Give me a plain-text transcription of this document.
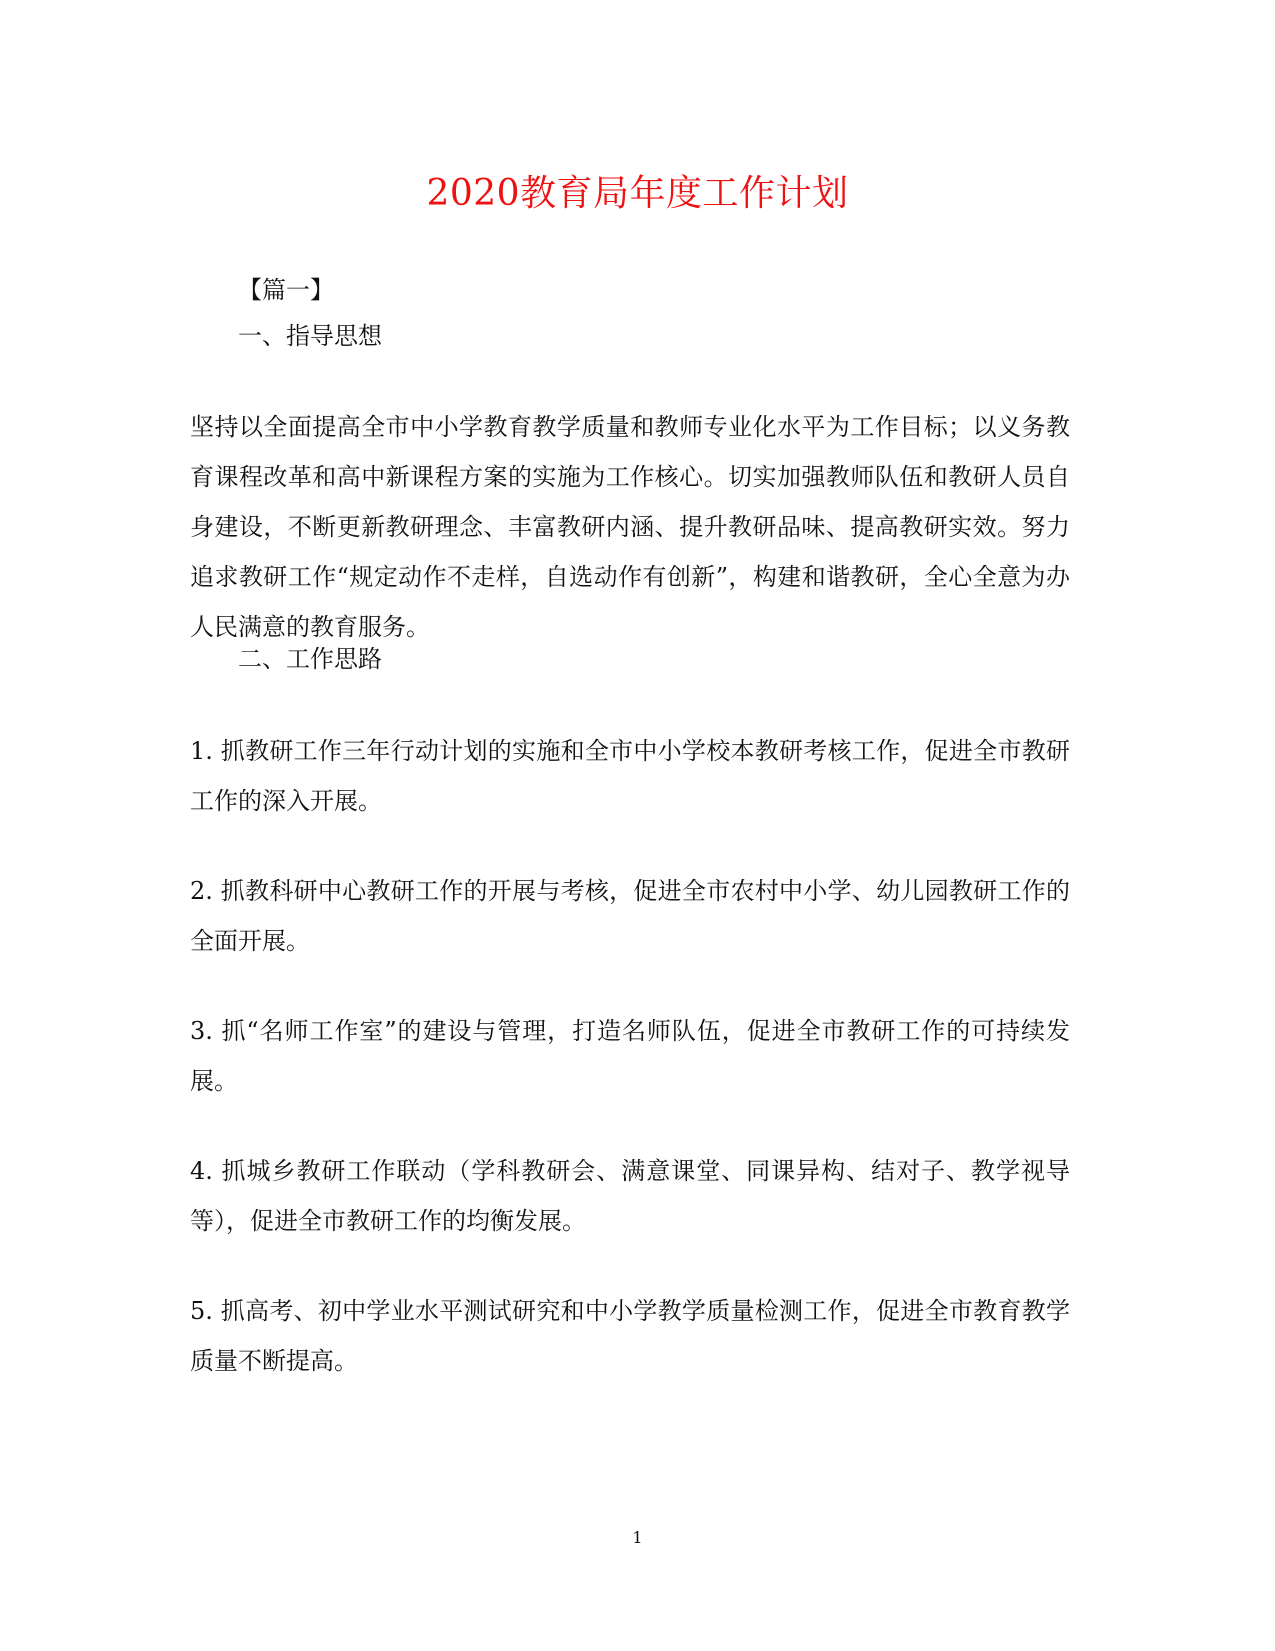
2020教育局年度工作计划
【篇一】
一、指导思想
坚持以全面提高全市中小学教育教学质量和教师专业化水平为工作目标；以义务教育课程改革和高中新课程方案的实施为工作核心。切实加强教师队伍和教研人员自身建设，不断更新教研理念、丰富教研内涵、提升教研品味、提高教研实效。努力追求教研工作“规定动作不走样，自选动作有创新”，构建和谐教研，全心全意为办人民满意的教育服务。
二、工作思路
1. 抓教研工作三年行动计划的实施和全市中小学校本教研考核工作，促进全市教研工作的深入开展。
2. 抓教科研中心教研工作的开展与考核，促进全市农村中小学、幼儿园教研工作的全面开展。
3. 抓“名师工作室”的建设与管理，打造名师队伍，促进全市教研工作的可持续发展。
4. 抓城乡教研工作联动（学科教研会、满意课堂、同课异构、结对子、教学视导等），促进全市教研工作的均衡发展。
5. 抓高考、初中学业水平测试研究和中小学教学质量检测工作，促进全市教育教学质量不断提高。
1
